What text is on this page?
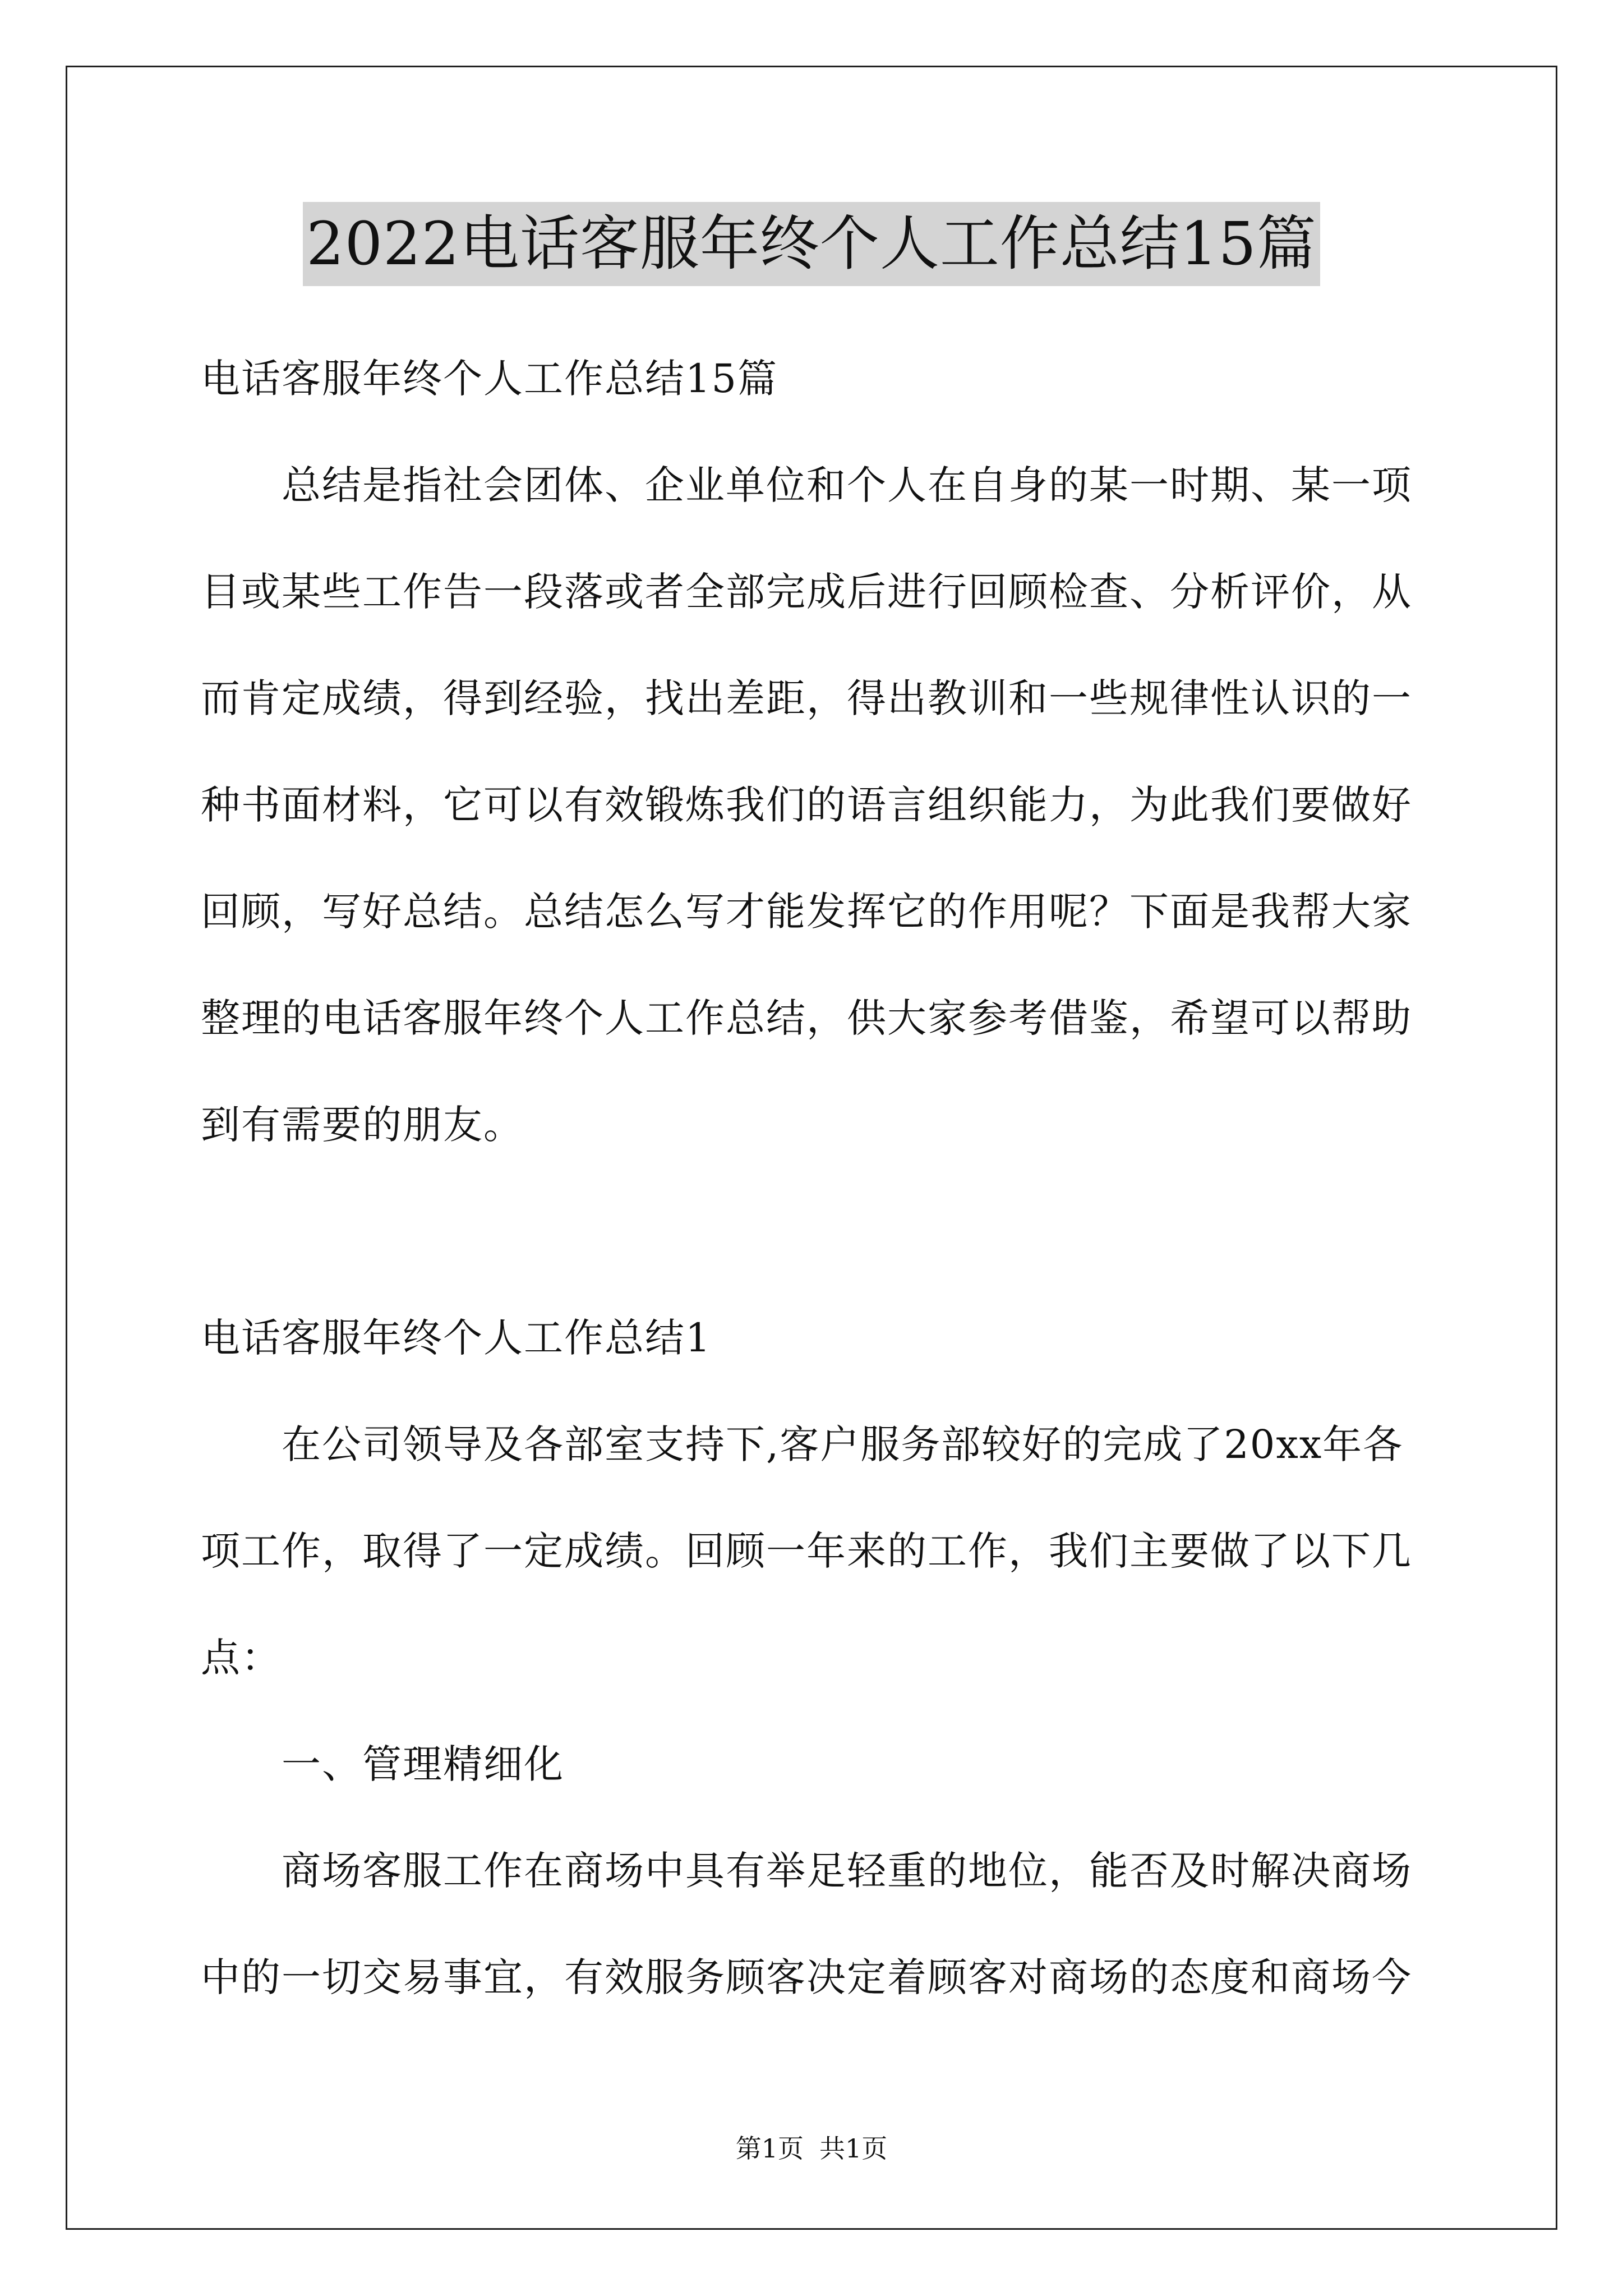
2022电话客服年终个人工作总结15篇
电话客服年终个人工作总结15篇
　　总结是指社会团体、企业单位和个人在自身的某一时期、某一项
目或某些工作告一段落或者全部完成后进行回顾检查、分析评价，从
而肯定成绩，得到经验，找出差距，得出教训和一些规律性认识的一
种书面材料，它可以有效锻炼我们的语言组织能力，为此我们要做好
回顾，写好总结。总结怎么写才能发挥它的作用呢？下面是我帮大家
整理的电话客服年终个人工作总结，供大家参考借鉴，希望可以帮助
到有需要的朋友。
电话客服年终个人工作总结1
　　在公司领导及各部室支持下,客户服务部较好的完成了20xx年各
项工作，取得了一定成绩。回顾一年来的工作，我们主要做了以下几
点：
　　一、管理精细化
　　商场客服工作在商场中具有举足轻重的地位，能否及时解决商场
中的一切交易事宜，有效服务顾客决定着顾客对商场的态度和商场今
第1页 共1页
